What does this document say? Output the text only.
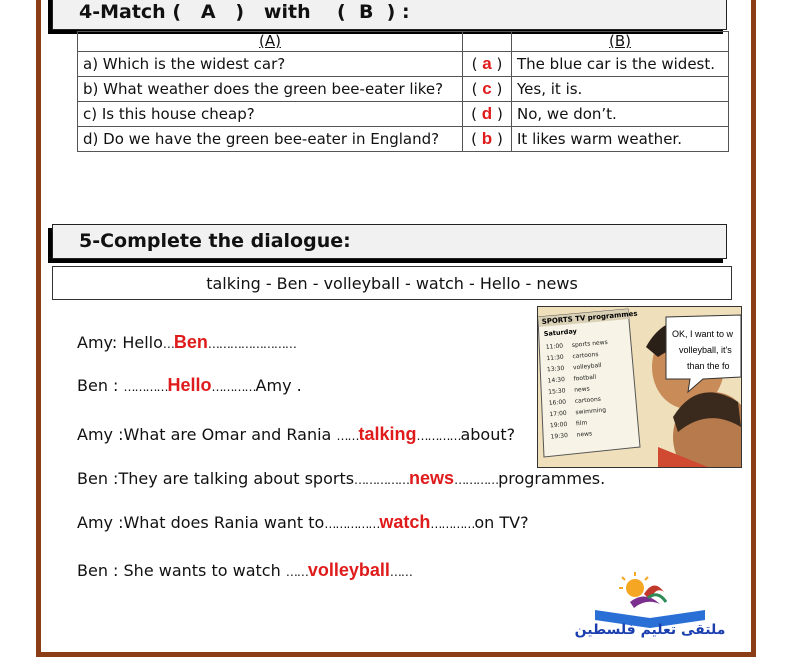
4-Match (   A   )   with    (  B  ) :
(A)		(B)
a) Which is the widest car?	( a )	The blue car is the widest.
b) What weather does the green bee-eater like?	( c )	Yes, it is.
c) Is this house cheap?	( d )	No, we don’t.
d) Do we have the green bee-eater in England?	( b )	It likes warm weather.
5-Complete the dialogue:
talking - Ben - volleyball - watch - Hello - news
Amy: Hello…Ben……………………
Ben : …………Hello…………Amy .
Amy :What are Omar and Rania ……talking…………about?
Ben :They are talking about sports……………news…………programmes.
Amy :What does Rania want to……………watch…………on TV?
Ben : She wants to watch ……volleyball……
SPORTS TV programmes
Saturday
11:00 sports news
11:30 cartoons
13:30 volleyball
14:30 football
15:30 news
16:00 cartoons
17:00 swimming
19:00 film
19:30 news
OK, I want to w
volleyball, it's
than the fo
ملتقى تعليم فلسطين
